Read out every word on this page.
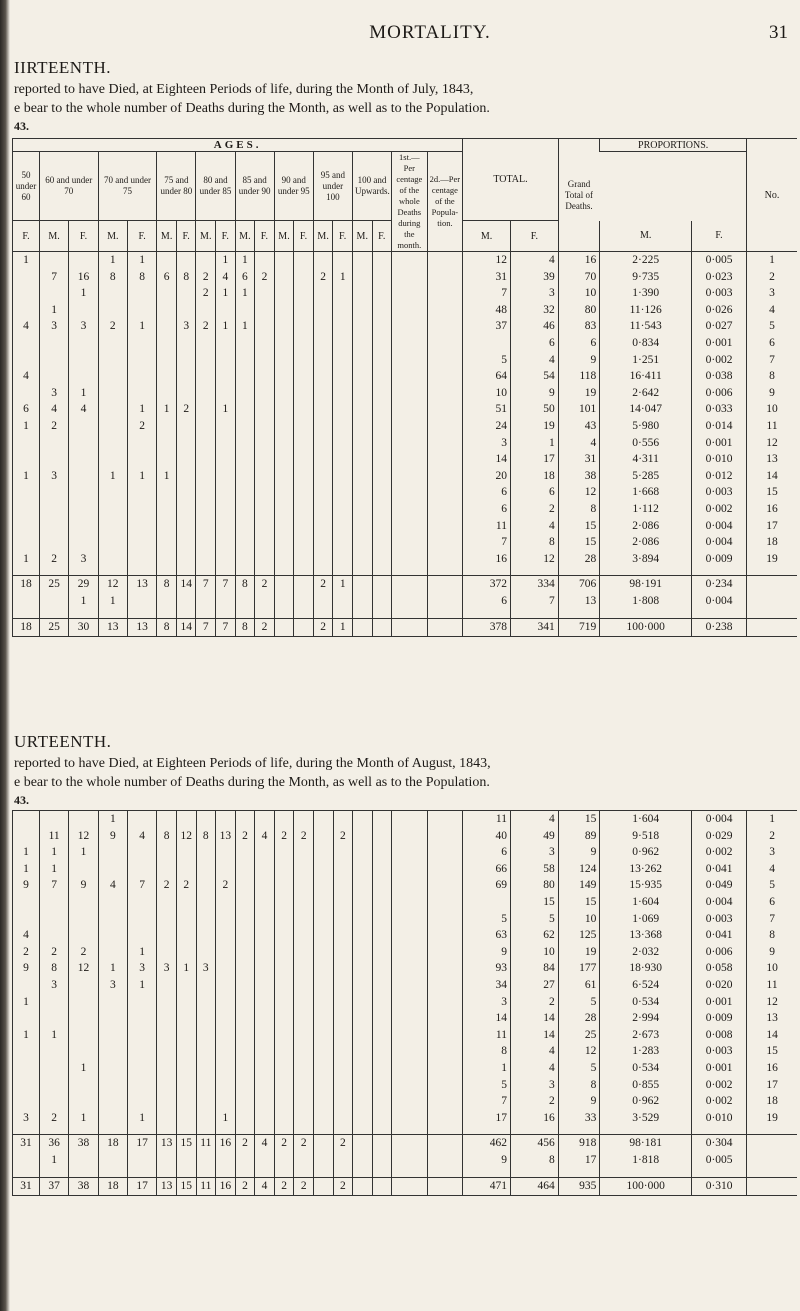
MORTALITY.	31
IIRTEENTH.
reported to have Died, at Eighteen Periods of life, during the Month of July, 1843,
e bear to the whole number of Deaths during the Month, as well as to the Population.
43.
AGES.																			TOTAL.		Grand Total of Deaths.	PROPORTIONS.		No.
50 under 60	60 and under 70		70 and under 75		75 and under 80		80 and under 85		85 and under 90		90 and under 95		95 and under 100		100 and Upwards.		1st.—Per centage of the whole Deaths during the month.	2d.—Per centage of the Popula- tion.						
F.	M.	F.	M.	F.	M.	F.	M.	F.	M.	F.	M.	F.	M.	F.	M.	F.			M.	F.		M.	F.	
1			1	1				1	1										12	4	16	2·225	0·005	1
	7	16	8	8	6	8	2	4	6	2			2	1					31	39	70	9·735	0·023	2
		1					2	1	1										7	3	10	1·390	0·003	3
	1																		48	32	80	11·126	0·026	4
4	3	3	2	1		3	2	1	1										37	46	83	11·543	0·027	5
																				6	6	0·834	0·001	6
																			5	4	9	1·251	0·002	7
4																			64	54	118	16·411	0·038	8
	3	1																	10	9	19	2·642	0·006	9
6	4	4		1	1	2		1											51	50	101	14·047	0·033	10
1	2			2															24	19	43	5·980	0·014	11
																			3	1	4	0·556	0·001	12
																			14	17	31	4·311	0·010	13
1	3		1	1	1														20	18	38	5·285	0·012	14
																			6	6	12	1·668	0·003	15
																			6	2	8	1·112	0·002	16
																			11	4	15	2·086	0·004	17
																			7	8	15	2·086	0·004	18
1	2	3																	16	12	28	3·894	0·009	19

18	25	29	12	13	8	14	7	7	8	2			2	1					372	334	706	98·191	0·234	
		1	1																6	7	13	1·808	0·004	

18	25	30	13	13	8	14	7	7	8	2			2	1					378	341	719	100·000	0·238	
URTEENTH.
reported to have Died, at Eighteen Periods of life, during the Month of August, 1843,
e bear to the whole number of Deaths during the Month, as well as to the Population.
43.
			1																11	4	15	1·604	0·004	1
	11	12	9	4	8	12	8	13	2	4	2	2		2					40	49	89	9·518	0·029	2
1	1	1																	6	3	9	0·962	0·002	3
1	1																		66	58	124	13·262	0·041	4
9	7	9	4	7	2	2		2											69	80	149	15·935	0·049	5
																				15	15	1·604	0·004	6
																			5	5	10	1·069	0·003	7
4																			63	62	125	13·368	0·041	8
2	2	2		1															9	10	19	2·032	0·006	9
9	8	12	1	3	3	1	3												93	84	177	18·930	0·058	10
	3		3	1															34	27	61	6·524	0·020	11
1																			3	2	5	0·534	0·001	12
																			14	14	28	2·994	0·009	13
1	1																		11	14	25	2·673	0·008	14
																			8	4	12	1·283	0·003	15
		1																	1	4	5	0·534	0·001	16
																			5	3	8	0·855	0·002	17
																			7	2	9	0·962	0·002	18
3	2	1		1				1											17	16	33	3·529	0·010	19

31	36	38	18	17	13	15	11	16	2	4	2	2		2					462	456	918	98·181	0·304	
	1																		9	8	17	1·818	0·005	

31	37	38	18	17	13	15	11	16	2	4	2	2		2					471	464	935	100·000	0·310	
